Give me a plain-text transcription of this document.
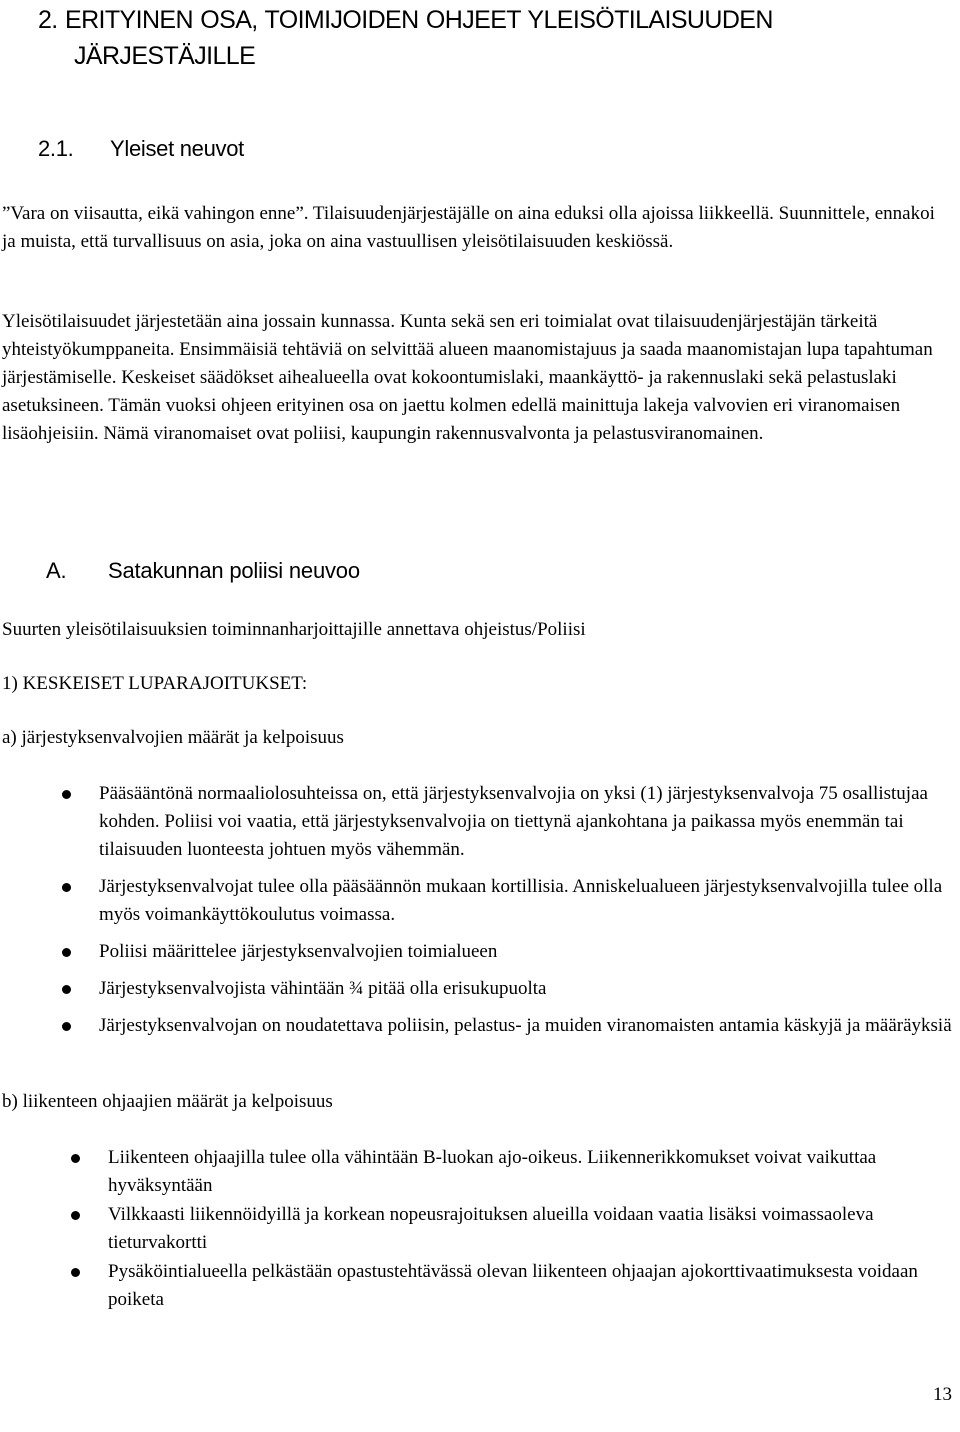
2. ERITYINEN OSA, TOIMIJOIDEN OHJEET YLEISÖTILAISUUDEN
JÄRJESTÄJILLE
2.1. Yleiset neuvot

”Vara on viisautta, eikä vahingon enne”. Tilaisuudenjärjestäjälle on aina eduksi olla ajoissa liikkeellä. Suunnittele, ennakoi ja muista, että turvallisuus on asia, joka on aina vastuullisen yleisötilaisuuden keskiössä.

Yleisötilaisuudet järjestetään aina jossain kunnassa. Kunta sekä sen eri toimialat ovat tilaisuudenjärjestäjän tärkeitä yhteistyökumppaneita. Ensimmäisiä tehtäviä on selvittää alueen maanomistajuus ja saada maanomistajan lupa tapahtuman järjestämiselle. Keskeiset säädökset aihealueella ovat kokoontumislaki, maankäyttö- ja rakennuslaki sekä pelastuslaki asetuksineen. Tämän vuoksi ohjeen erityinen osa on jaettu kolmen edellä mainittuja lakeja valvovien eri viranomaisen lisäohjeisiin. Nämä viranomaiset ovat poliisi, kaupungin rakennusvalvonta ja pelastusviranomainen.

A. Satakunnan poliisi neuvoo
Suurten yleisötilaisuuksien toiminnanharjoittajille annettava ohjeistus/Poliisi
1) KESKEISET LUPARAJOITUKSET:
a) järjestyksenvalvojien määrät ja kelpoisuus
Pääsääntönä normaaliolosuhteissa on, että järjestyksenvalvojia on yksi (1) järjestyksenvalvoja 75 osallistujaa kohden. Poliisi voi vaatia, että järjestyksenvalvojia on tiettynä ajankohtana ja paikassa myös enemmän tai tilaisuuden luonteesta johtuen myös vähemmän.
Järjestyksenvalvojat tulee olla pääsäännön mukaan kortillisia. Anniskelualueen järjestyksenvalvojilla tulee olla myös voimankäyttökoulutus voimassa.
Poliisi määrittelee järjestyksenvalvojien toimialueen
Järjestyksenvalvojista vähintään ¾ pitää olla erisukupuolta
Järjestyksenvalvojan on noudatettava poliisin, pelastus- ja muiden viranomaisten antamia käskyjä ja määräyksiä
b) liikenteen ohjaajien määrät ja kelpoisuus
Liikenteen ohjaajilla tulee olla vähintään B-luokan ajo-oikeus. Liikennerikkomukset voivat vaikuttaa hyväksyntään
Vilkkaasti liikennöidyillä ja korkean nopeusrajoituksen alueilla voidaan vaatia lisäksi voimassaoleva tieturvakortti
Pysäköintialueella pelkästään opastustehtävässä olevan liikenteen ohjaajan ajokorttivaatimuksesta voidaan poiketa
13
